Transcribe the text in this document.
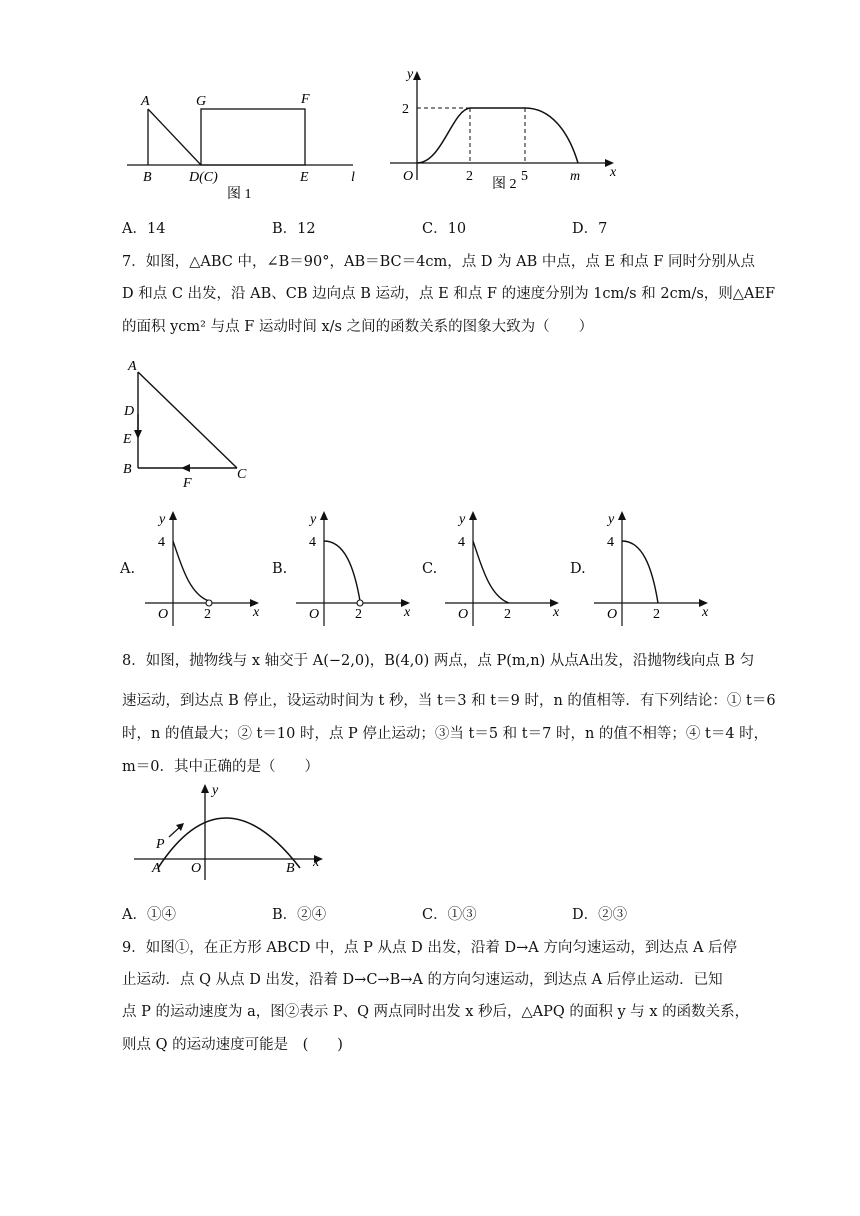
A	G	F
B	D(C)	E	l
图 1
y
2
O	2	5	m x
图 2
A．14	B．12	C．10	D．7
7．如图，△ABC 中，∠B＝90°，AB＝BC＝4cm，点 D 为 AB 中点，点 E 和点 F 同时分别从点
D 和点 C 出发，沿 AB、CB 边向点 B 运动，点 E 和点 F 的速度分别为 1cm/s 和 2cm/s，则△AEF
的面积 ycm² 与点 F 运动时间 x/s 之间的函数关系的图象大致为（　　）
A
D
E
B
F
C
A.
y
4
O	2	x
B.
y
4
O	2	x
C.
y
4
O	2	x
D.
y
4
O	2	x
8．如图，抛物线与 x 轴交于 A(−2,0)，B(4,0) 两点，点 P(m,n) 从点A出发，沿抛物线向点 B 匀
速运动，到达点 B 停止，设运动时间为 t 秒，当 t＝3 和 t＝9 时，n 的值相等．有下列结论：① t＝6
时，n 的值最大；② t＝10 时，点 P 停止运动；③当 t＝5 和 t＝7 时，n 的值不相等；④ t＝4 时，
m＝0．其中正确的是（　　）
y
P
A O	B x
A．①④	B．②④	C．①③	D．②③
9．如图①，在正方形 ABCD 中，点 P 从点 D 出发，沿着 D→A 方向匀速运动，到达点 A 后停
止运动．点 Q 从点 D 出发，沿着 D→C→B→A 的方向匀速运动，到达点 A 后停止运动．已知
点 P 的运动速度为 a，图②表示 P、Q 两点同时出发 x 秒后，△APQ 的面积 y 与 x 的函数关系，
则点 Q 的运动速度可能是　(　　)
